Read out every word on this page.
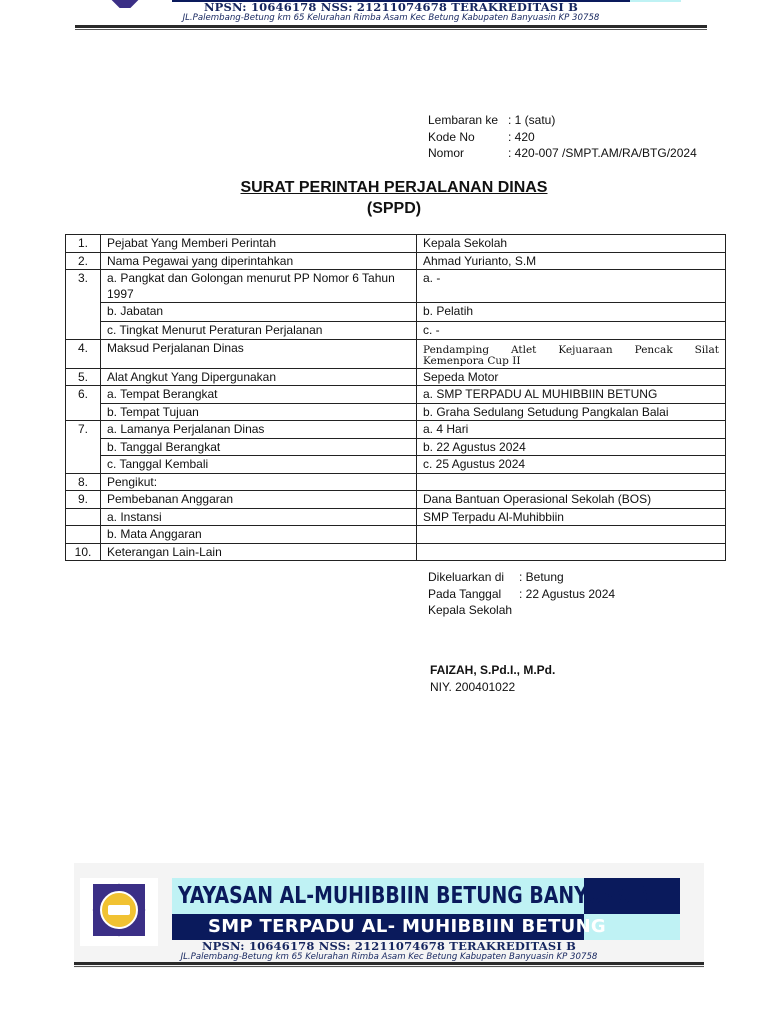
NPSN: 10646178 NSS: 21211074678 TERAKREDITASI B
JL.Palembang-Betung km 65 Kelurahan Rimba Asam Kec Betung Kabupaten Banyuasin KP 30758
Lembaran ke : 1 (satu)
Kode No	: 420
Nomor	: 420-007 /SMPT.AM/RA/BTG/2024
SURAT PERINTAH PERJALANAN DINAS
(SPPD)
1.	Pejabat Yang Memberi Perintah	Kepala Sekolah
2.	Nama Pegawai yang diperintahkan	Ahmad Yurianto, S.M
3.	a. Pangkat dan Golongan menurut PP Nomor 6 Tahun 1997	a. -
	b. Jabatan	b. Pelatih
	c. Tingkat Menurut Peraturan Perjalanan	c. -
4.	Maksud Perjalanan Dinas	Pendamping Atlet Kejuaraan Pencak Silat
Kemenpora Cup II

5.	Alat Angkut Yang Dipergunakan	Sepeda Motor
6.	a. Tempat Berangkat	a. SMP TERPADU AL MUHIBBIIN BETUNG
	b. Tempat Tujuan	b. Graha Sedulang Setudung Pangkalan Balai
7.	a. Lamanya Perjalanan Dinas	a. 4 Hari
	b. Tanggal Berangkat	b. 22 Agustus 2024
	c. Tanggal Kembali	c. 25 Agustus 2024
8.	Pengikut:	
9.	Pembebanan Anggaran	Dana Bantuan Operasional Sekolah (BOS)
	a. Instansi	SMP Terpadu Al-Muhibbiin
	b. Mata Anggaran	
10.	Keterangan Lain-Lain	
Dikeluarkan di	: Betung
Pada Tanggal	: 22 Agustus 2024
Kepala Sekolah
FAIZAH, S.Pd.I., M.Pd.
NIY. 200401022
YAYASAN AL-MUHIBBIIN BETUNG BANYUASIN
SMP TERPADU AL- MUHIBBIIN BETUNG
NPSN: 10646178 NSS: 21211074678 TERAKREDITASI B
JL.Palembang-Betung km 65 Kelurahan Rimba Asam Kec Betung Kabupaten Banyuasin KP 30758
